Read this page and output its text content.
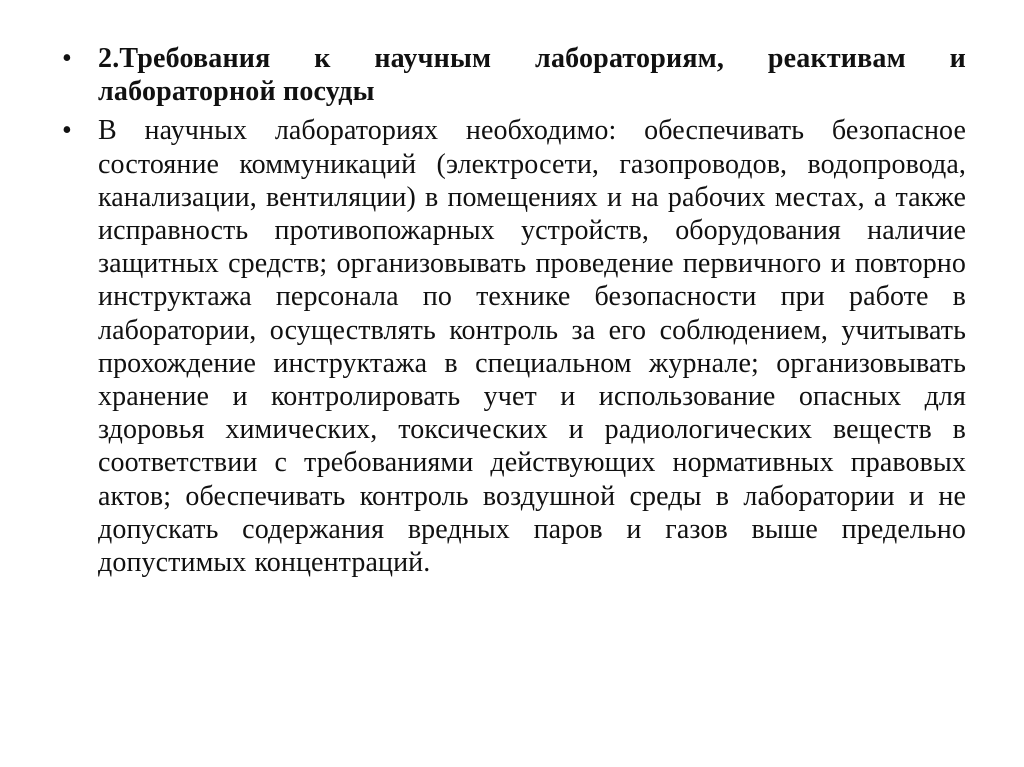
• 2.Требования к научным лабораториям, реактивам и лабораторной посуды
• В научных лабораториях необходимо: обеспечивать безопасное состояние коммуникаций (электросети, газопроводов, водопровода, канализации, вентиляции) в помещениях и на рабочих местах, а также исправность противопожарных устройств, оборудования наличие защитных средств; организовывать проведение первичного и повторно инструктажа персонала по технике безопасности при работе в лаборатории, осуществлять контроль за его соблюдением, учитывать прохождение инструктажа в специальном журнале; организовывать хранение и контролировать учет и использование опасных для здоровья химических, токсических и радиологических веществ в соответствии с требованиями действующих нормативных правовых актов; обеспечивать контроль воздушной среды в лаборатории и не допускать содержания вредных паров и газов выше предельно допустимых концентраций.
